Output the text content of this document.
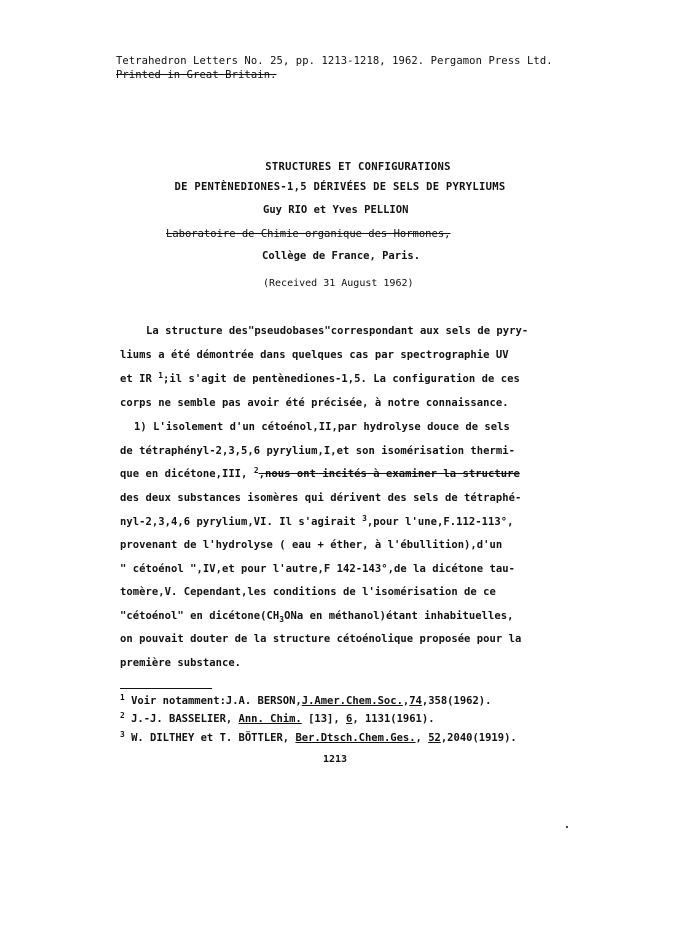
Tetrahedron Letters No. 25, pp. 1213-1218, 1962. Pergamon Press Ltd.
Printed in Great Britain.
STRUCTURES ET CONFIGURATIONS
DE PENTÈNEDIONES-1,5 DÉRIVÉES DE SELS DE PYRYLIUMS
Guy RIO et Yves PELLION
Laboratoire de Chimie organique des Hormones,
Collège de France, Paris.
(Received 31 August 1962)
La structure des"pseudobases"correspondant aux sels de pyry-
liums a été démontrée dans quelques cas par spectrographie UV
et IR $^1$;il s'agit de pentènediones-1,5. La configuration de ces
corps ne semble pas avoir été précisée, à notre connaissance.
1) L'isolement d'un cétoénol,II,par hydrolyse douce de sels
de tétraphényl-2,3,5,6 pyrylium,I,et son isomérisation thermi-
que en dicétone,III, $^2$,nous ont incités à examiner la structure
des deux substances isomères qui dérivent des sels de tétraphé-
nyl-2,3,4,6 pyrylium,VI. Il s'agirait $^3$,pour l'une,F.112-113°,
provenant de l'hydrolyse ( eau + éther, à l'ébullition),d'un
" cétoénol ",IV,et pour l'autre,F 142-143°,de la dicétone tau-
tomère,V. Cependant,les conditions de l'isomérisation de ce
"cétoénol" en $dicétone(CH_3ONa$ en méthanol)étant inhabituelles,
on pouvait douter de la structure cétoénolique proposée pour la
première substance.
$^1$ Voir notamment:J.A. BERSON,J.Amer.Chem.Soc.,74,358(1962).
$^2$ J.-J. BASSELIER, Ann. Chim. [13], 6, 1131(1961).
$^3$ W. DILTHEY et T. BÖTTLER, Ber.Dtsch.Chem.Ges., 52,2040(1919).
1213
